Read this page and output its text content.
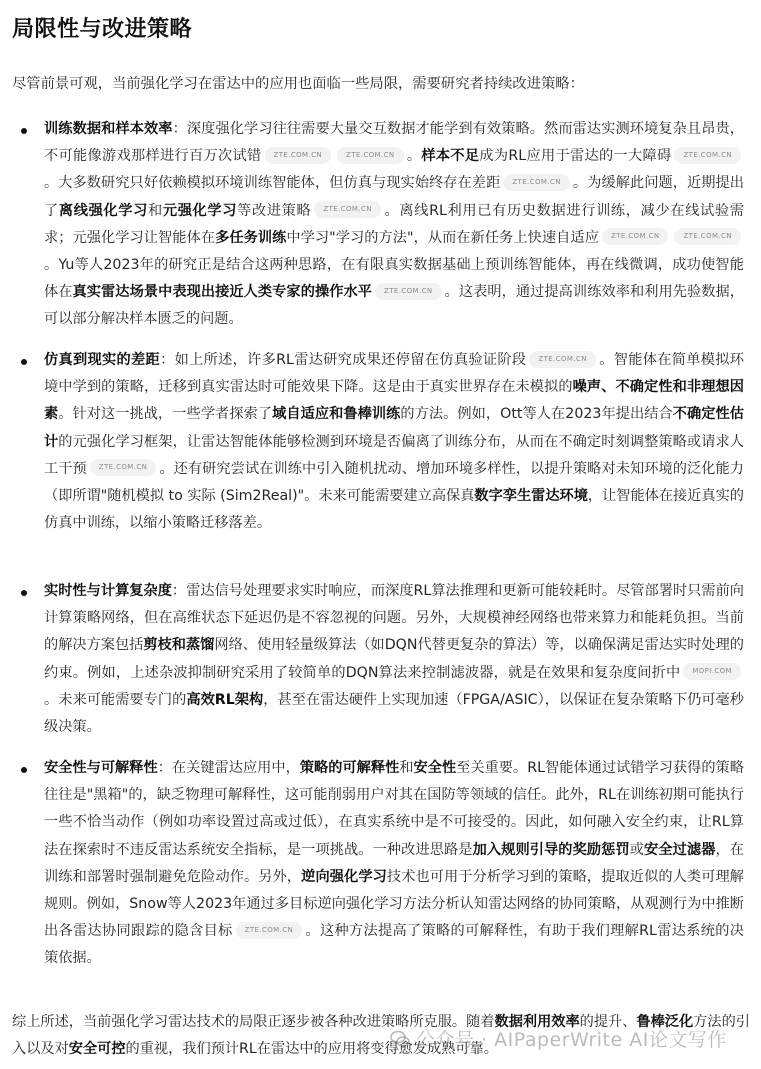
局限性与改进策略

尽管前景可观，当前强化学习在雷达中的应用也面临一些局限，需要研究者持续改进策略：

训练数据和样本效率：深度强化学习往往需要大量交互数据才能学到有效策略。然而雷达实测环境复杂且昂贵，不可能像游戏那样进行百万次试错 ZTE.COM.CN	ZTE.COM.CN 。样本不足成为RL应用于雷达的一大障碍 ZTE.COM.CN。大多数研究只好依赖模拟环境训练智能体，但仿真与现实始终存在差距 ZTE.COM.CN 。为缓解此问题，近期提出了离线强化学习和元强化学习等改进策略 ZTE.COM.CN 。离线RL利用已有历史数据进行训练，减少在线试验需求；元强化学习让智能体在多任务训练中学习"学习的方法"，从而在新任务上快速自适应 ZTE.COM.CN	ZTE.COM.CN。Yu等人2023年的研究正是结合这两种思路，在有限真实数据基础上预训练智能体，再在线微调，成功使智能体在真实雷达场景中表现出接近人类专家的操作水平 ZTE.COM.CN 。这表明，通过提高训练效率和利用先验数据，可以部分解决样本匮乏的问题。

仿真到现实的差距：如上所述，许多RL雷达研究成果还停留在仿真验证阶段 ZTE.COM.CN 。智能体在简单模拟环境中学到的策略，迁移到真实雷达时可能效果下降。这是由于真实世界存在未模拟的噪声、不确定性和非理想因素。针对这一挑战，一些学者探索了域自适应和鲁棒训练的方法。例如，Ott等人在2023年提出结合不确定性估计的元强化学习框架，让雷达智能体能够检测到环境是否偏离了训练分布，从而在不确定时刻调整策略或请求人工干预 ZTE.COM.CN 。还有研究尝试在训练中引入随机扰动、增加环境多样性，以提升策略对未知环境的泛化能力（即所谓"随机模拟 to 实际 (Sim2Real)"。未来可能需要建立高保真数字孪生雷达环境，让智能体在接近真实的仿真中训练，以缩小策略迁移落差。

实时性与计算复杂度：雷达信号处理要求实时响应，而深度RL算法推理和更新可能较耗时。尽管部署时只需前向计算策略网络，但在高维状态下延迟仍是不容忽视的问题。另外，大规模神经网络也带来算力和能耗负担。当前的解决方案包括剪枝和蒸馏网络、使用轻量级算法（如DQN代替更复杂的算法）等，以确保满足雷达实时处理的约束。例如，上述杂波抑制研究采用了较简单的DQN算法来控制滤波器，就是在效果和复杂度间折中 MDPI.COM。未来可能需要专门的高效RL架构，甚至在雷达硬件上实现加速（FPGA/ASIC），以保证在复杂策略下仍可毫秒级决策。

安全性与可解释性：在关键雷达应用中，策略的可解释性和安全性至关重要。RL智能体通过试错学习获得的策略往往是"黑箱"的，缺乏物理可解释性，这可能削弱用户对其在国防等领域的信任。此外，RL在训练初期可能执行一些不恰当动作（例如功率设置过高或过低），在真实系统中是不可接受的。因此，如何融入安全约束，让RL算法在探索时不违反雷达系统安全指标，是一项挑战。一种改进思路是加入规则引导的奖励惩罚或安全过滤器，在训练和部署时强制避免危险动作。另外，逆向强化学习技术也可用于分析学习到的策略，提取近似的人类可理解规则。例如，Snow等人2023年通过多目标逆向强化学习方法分析认知雷达网络的协同策略，从观测行为中推断出各雷达协同跟踪的隐含目标 ZTE.COM.CN 。这种方法提高了策略的可解释性，有助于我们理解RL雷达系统的决策依据。

综上所述，当前强化学习雷达技术的局限正逐步被各种改进策略所克服。随着数据利用效率的提升、鲁棒泛化方法的引入以及对安全可控的重视，我们预计RL在雷达中的应用将变得愈发成熟可靠。

公众号 · AIPaperWrite AI论文写作
